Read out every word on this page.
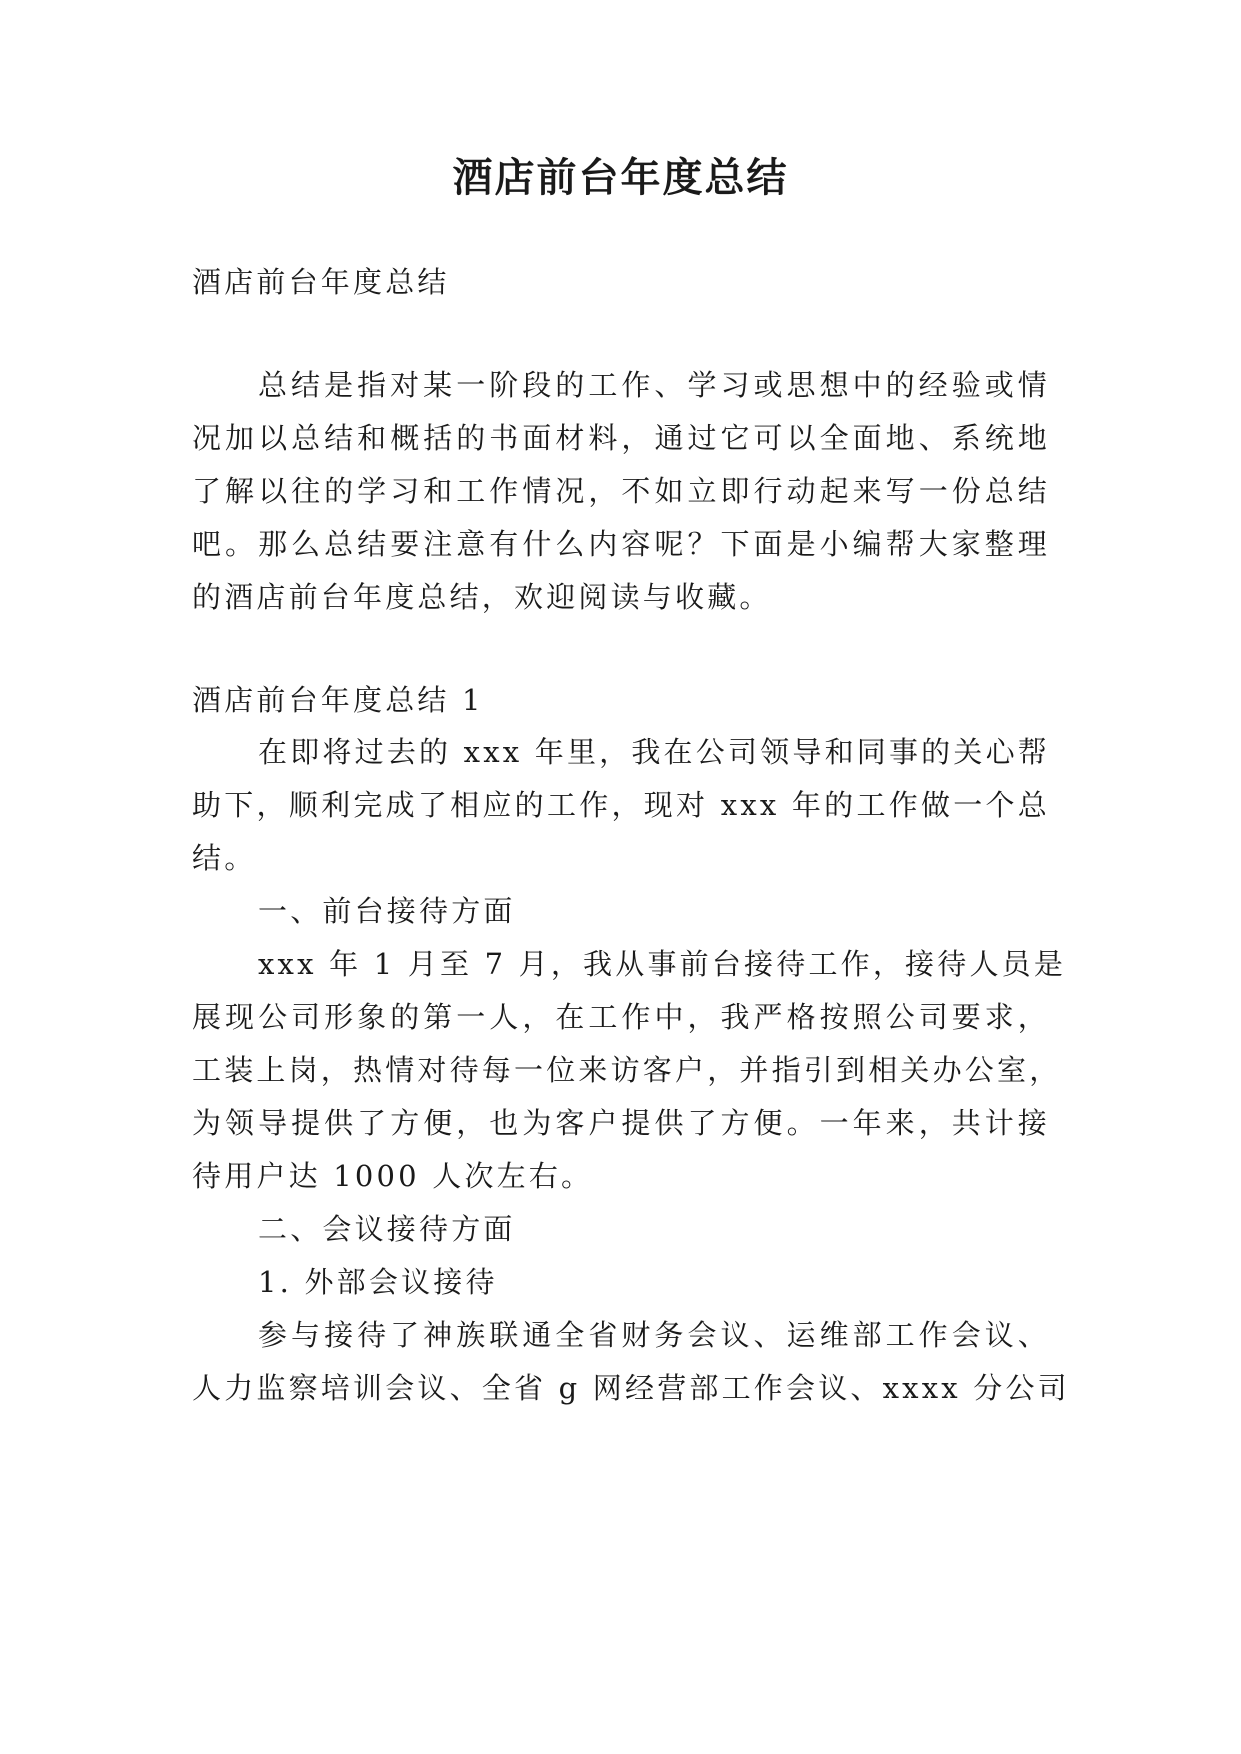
酒店前台年度总结
酒店前台年度总结
总结是指对某一阶段的工作、学习或思想中的经验或情
况加以总结和概括的书面材料，通过它可以全面地、系统地
了解以往的学习和工作情况，不如立即行动起来写一份总结
吧。那么总结要注意有什么内容呢？下面是小编帮大家整理
的酒店前台年度总结，欢迎阅读与收藏。
酒店前台年度总结 1
在即将过去的 xxx 年里，我在公司领导和同事的关心帮
助下，顺利完成了相应的工作，现对 xxx 年的工作做一个总
结。
一、前台接待方面
xxx 年 1 月至 7 月，我从事前台接待工作，接待人员是
展现公司形象的第一人，在工作中，我严格按照公司要求，
工装上岗，热情对待每一位来访客户，并指引到相关办公室，
为领导提供了方便，也为客户提供了方便。一年来，共计接
待用户达 1000 人次左右。
二、会议接待方面
1. 外部会议接待
参与接待了神族联通全省财务会议、运维部工作会议、
人力监察培训会议、全省 g 网经营部工作会议、xxxx 分公司
